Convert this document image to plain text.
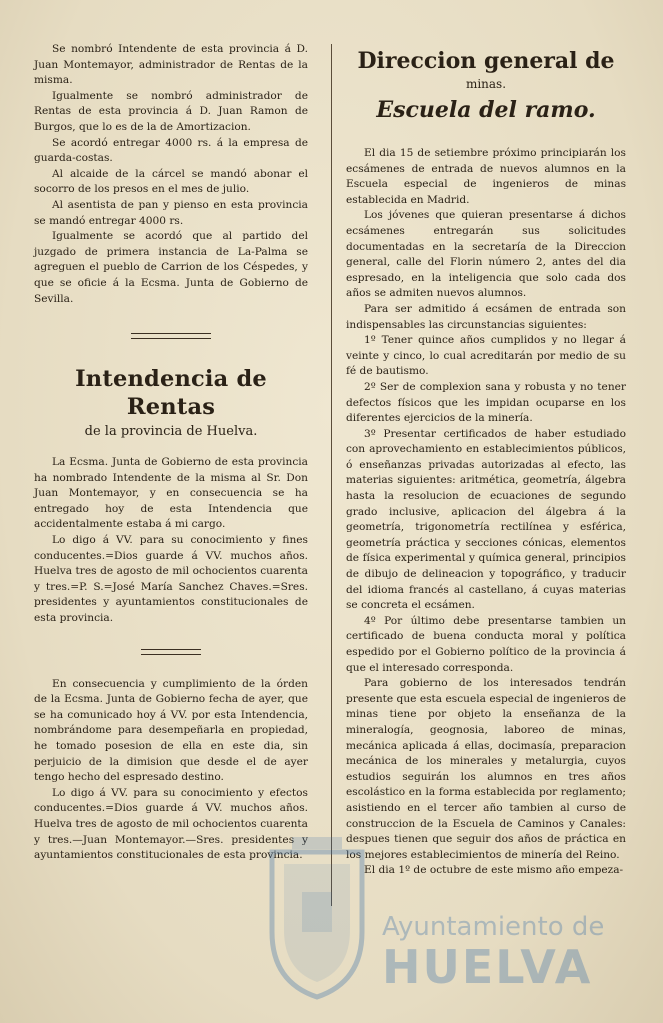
Se nombró Intendente de esta provincia á D. Juan Montemayor, administrador de Rentas de la misma.

Igualmente se nombró administrador de Rentas de esta provincia á D. Juan Ramon de Burgos, que lo es de la de Amortizacion.

Se acordó entregar 4000 rs. á la empresa de guarda-costas.

Al alcaide de la cárcel se mandó abonar el socorro de los presos en el mes de julio.

Al asentista de pan y pienso en esta provincia se mandó entregar 4000 rs.

Igualmente se acordó que al partido del juzgado de primera instancia de La-Palma se agreguen el pueblo de Carrion de los Céspedes, y que se oficie á la Ecsma. Junta de Gobierno de Sevilla.

Intendencia de Rentas
de la provincia de Huelva.

La Ecsma. Junta de Gobierno de esta provincia ha nombrado Intendente de la misma al Sr. Don Juan Montemayor, y en consecuencia se ha entregado hoy de esta Intendencia que accidentalmente estaba á mi cargo.

Lo digo á VV. para su conocimiento y fines conducentes.=Dios guarde á VV. muchos años. Huelva tres de agosto de mil ochocientos cuarenta y tres.=P. S.=José María Sanchez Chaves.=Sres. presidentes y ayuntamientos constitucionales de esta provincia.

En consecuencia y cumplimiento de la órden de la Ecsma. Junta de Gobierno fecha de ayer, que se ha comunicado hoy á VV. por esta Intendencia, nombrándome para desempeñarla en propiedad, he tomado posesion de ella en este dia, sin perjuicio de la dimision que desde el de ayer tengo hecho del espresado destino.

Lo digo á VV. para su conocimiento y efectos conducentes.=Dios guarde á VV. muchos años. Huelva tres de agosto de mil ochocientos cuarenta y tres.—Juan Montemayor.—Sres. presidentes y ayuntamientos constitucionales de esta provincia.

Direccion general de
minas.
Escuela del ramo.

El dia 15 de setiembre próximo principiarán los ecsámenes de entrada de nuevos alumnos en la Escuela especial de ingenieros de minas establecida en Madrid.

Los jóvenes que quieran presentarse á dichos ecsámenes entregarán sus solicitudes documentadas en la secretaría de la Direccion general, calle del Florin número 2, antes del dia espresado, en la inteligencia que solo cada dos años se admiten nuevos alumnos.

Para ser admitido á ecsámen de entrada son indispensables las circunstancias siguientes:

1º Tener quince años cumplidos y no llegar á veinte y cinco, lo cual acreditarán por medio de su fé de bautismo.

2º Ser de complexion sana y robusta y no tener defectos físicos que les impidan ocuparse en los diferentes ejercicios de la minería.

3º Presentar certificados de haber estudiado con aprovechamiento en establecimientos públicos, ó enseñanzas privadas autorizadas al efecto, las materias siguientes: aritmética, geometría, álgebra hasta la resolucion de ecuaciones de segundo grado inclusive, aplicacion del álgebra á la geometría, trigonometría rectilínea y esférica, geometría práctica y secciones cónicas, elementos de física experimental y química general, principios de dibujo de delineacion y topográfico, y traducir del idioma francés al castellano, á cuyas materias se concreta el ecsámen.

4º Por último debe presentarse tambien un certificado de buena conducta moral y política espedido por el Gobierno político de la provincia á que el interesado corresponda.

Para gobierno de los interesados tendrán presente que esta escuela especial de ingenieros de minas tiene por objeto la enseñanza de la mineralogía, geognosia, laboreo de minas, mecánica aplicada á ellas, docimasía, preparacion mecánica de los minerales y metalurgia, cuyos estudios seguirán los alumnos en tres años escolástico en la forma establecida por reglamento; asistiendo en el tercer año tambien al curso de construccion de la Escuela de Caminos y Canales: despues tienen que seguir dos años de práctica en los mejores establecimientos de minería del Reino.

El dia 1º de octubre de este mismo año empeza-

Ayuntamiento de
HUELVA
